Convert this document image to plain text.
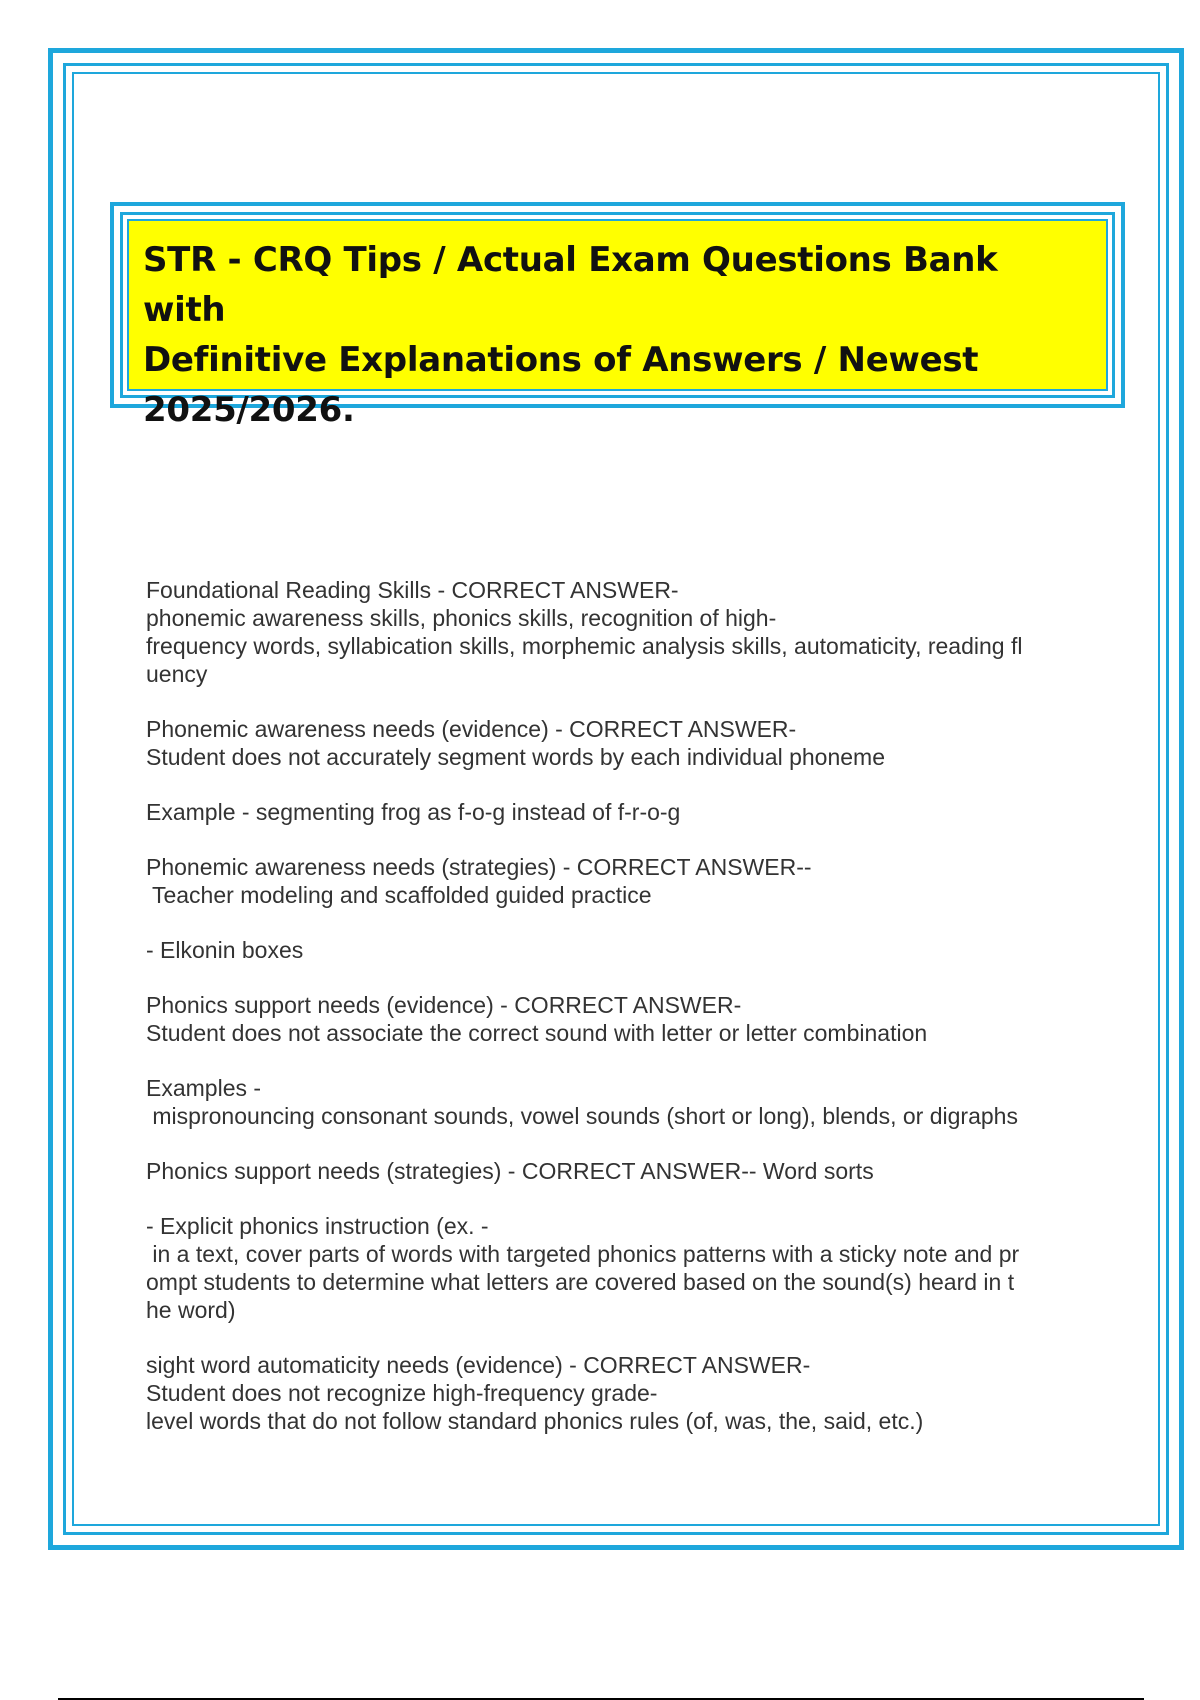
STR - CRQ Tips / Actual Exam Questions Bank with
Definitive Explanations of Answers / Newest
2025/2026.

Foundational Reading Skills - CORRECT ANSWER-
phonemic awareness skills, phonics skills, recognition of high-
frequency words, syllabication skills, morphemic analysis skills, automaticity, reading fl
uency
Phonemic awareness needs (evidence) - CORRECT ANSWER-
Student does not accurately segment words by each individual phoneme
Example - segmenting frog as f-o-g instead of f-r-o-g
Phonemic awareness needs (strategies) - CORRECT ANSWER--
Teacher modeling and scaffolded guided practice
- Elkonin boxes
Phonics support needs (evidence) - CORRECT ANSWER-
Student does not associate the correct sound with letter or letter combination
Examples -
mispronouncing consonant sounds, vowel sounds (short or long), blends, or digraphs
Phonics support needs (strategies) - CORRECT ANSWER-- Word sorts
- Explicit phonics instruction (ex. -
in a text, cover parts of words with targeted phonics patterns with a sticky note and pr
ompt students to determine what letters are covered based on the sound(s) heard in t
he word)
sight word automaticity needs (evidence) - CORRECT ANSWER-
Student does not recognize high-frequency grade-
level words that do not follow standard phonics rules (of, was, the, said, etc.)
